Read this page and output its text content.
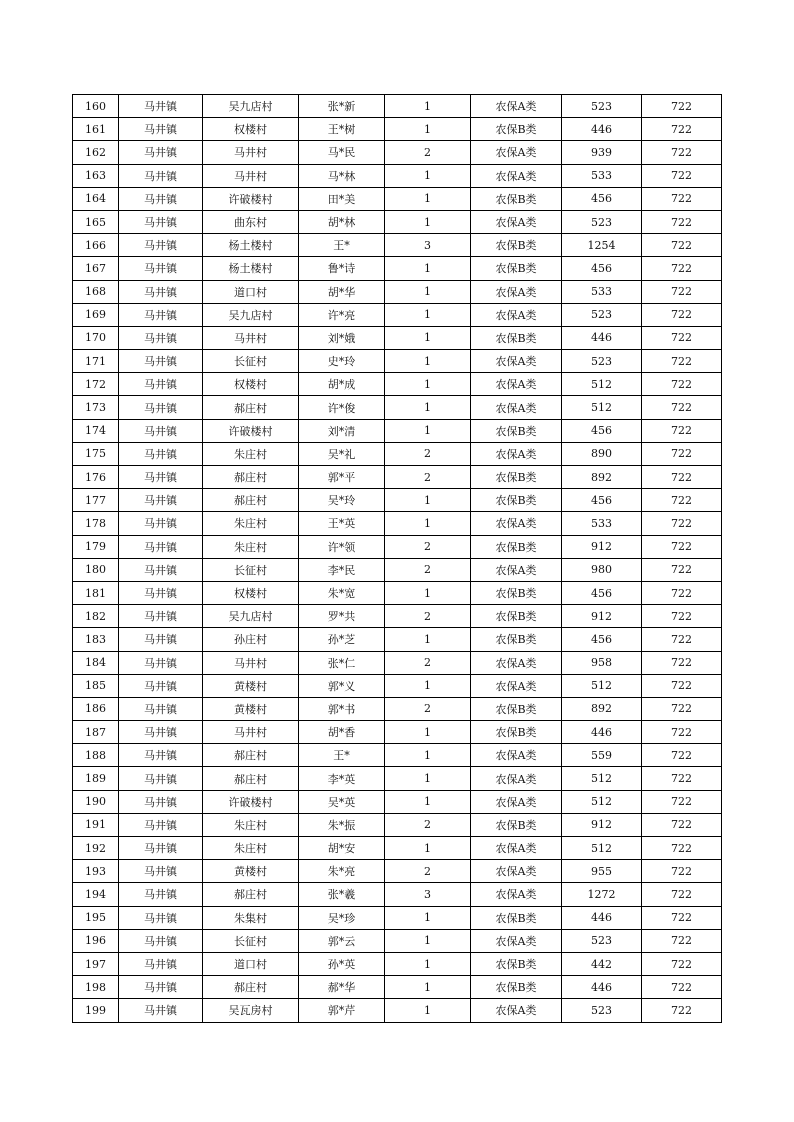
160	马井镇	吴九店村	张*新	1	农保A类	523	722
161	马井镇	权楼村	王*树	1	农保B类	446	722
162	马井镇	马井村	马*民	2	农保A类	939	722
163	马井镇	马井村	马*林	1	农保A类	533	722
164	马井镇	许破楼村	田*美	1	农保B类	456	722
165	马井镇	曲东村	胡*林	1	农保A类	523	722
166	马井镇	杨土楼村	王*	3	农保B类	1254	722
167	马井镇	杨土楼村	鲁*诗	1	农保B类	456	722
168	马井镇	道口村	胡*华	1	农保A类	533	722
169	马井镇	吴九店村	许*亮	1	农保A类	523	722
170	马井镇	马井村	刘*娥	1	农保B类	446	722
171	马井镇	长征村	史*玲	1	农保A类	523	722
172	马井镇	权楼村	胡*成	1	农保A类	512	722
173	马井镇	郝庄村	许*俊	1	农保A类	512	722
174	马井镇	许破楼村	刘*清	1	农保B类	456	722
175	马井镇	朱庄村	吴*礼	2	农保A类	890	722
176	马井镇	郝庄村	郭*平	2	农保B类	892	722
177	马井镇	郝庄村	吴*玲	1	农保B类	456	722
178	马井镇	朱庄村	王*英	1	农保A类	533	722
179	马井镇	朱庄村	许*领	2	农保B类	912	722
180	马井镇	长征村	李*民	2	农保A类	980	722
181	马井镇	权楼村	朱*宽	1	农保B类	456	722
182	马井镇	吴九店村	罗*共	2	农保B类	912	722
183	马井镇	孙庄村	孙*芝	1	农保B类	456	722
184	马井镇	马井村	张*仁	2	农保A类	958	722
185	马井镇	黄楼村	郭*义	1	农保A类	512	722
186	马井镇	黄楼村	郭*书	2	农保B类	892	722
187	马井镇	马井村	胡*香	1	农保B类	446	722
188	马井镇	郝庄村	王*	1	农保A类	559	722
189	马井镇	郝庄村	李*英	1	农保A类	512	722
190	马井镇	许破楼村	吴*英	1	农保A类	512	722
191	马井镇	朱庄村	朱*振	2	农保B类	912	722
192	马井镇	朱庄村	胡*安	1	农保A类	512	722
193	马井镇	黄楼村	朱*亮	2	农保A类	955	722
194	马井镇	郝庄村	张*羲	3	农保A类	1272	722
195	马井镇	朱集村	吴*珍	1	农保B类	446	722
196	马井镇	长征村	郭*云	1	农保A类	523	722
197	马井镇	道口村	孙*英	1	农保B类	442	722
198	马井镇	郝庄村	郝*华	1	农保B类	446	722
199	马井镇	吴瓦房村	郭*芹	1	农保A类	523	722
